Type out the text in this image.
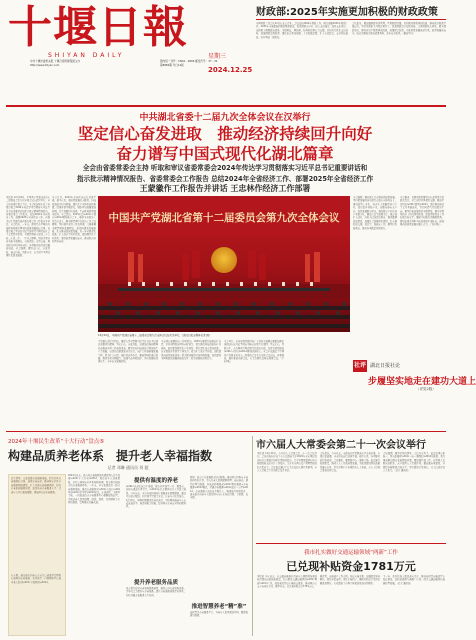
十堰日報
SHIYAN DAILY
中共十堰市委机关报 十堰日报传媒集团主办
http://www.10yan.com
国内统一刊号：CN42－0066 邮发代号：37－32
第8884期 今日12版
2024.12.25
星期三
财政部:2025年实施更加积极的财政政策
全国财政工作会议12月在北京召开，会议总结2024年财政工作，研究部署2025年财政工作。2025年实施更加积极的财政政策，提高财政赤字率，加大支出强度、加快支出进度。安排更大规模政府债券，为稳增长、调结构、防风险提供有力支撑。持续用力优化支出结构，加强财政资源统筹，强化重点领域保障，大力提振消费、扩大有效投资，支持科技创新，兜牢基层三保底线。
会议指出，要加强财政科学管理，严肃财经纪律，持续推进财税体制改革，推动地方财政平稳运行。坚持党政机关习惯过紧日子，提高财政资金使用效益。完善财政收入体系，健全预算制度，推进省以下财政体制改革，加强财会监督，为高质量发展贡献力量。统筹发展和安全，防范化解地方政府债务风险，兜牢安全底线。（据新华社）
中共湖北省委十二届九次全体会议在汉举行
坚定信心奋发进取　推动经济持续回升向好
奋力谱写中国式现代化湖北篇章
全会由省委常委会主持 听取和审议省委常委会2024年传达学习贯彻落实习近平总书记重要讲话和
指示批示精神情况报告、省委常委会工作报告 总结2024年全省经济工作、部署2025年全省经济工作
王蒙徽作工作报告并讲话 王忠林作经济工作部署
本报讯 12月24日，中国共产党湖北省第十二届委员会第九次全体会议在武汉举行。全会由省委常委会主持。全会听取和审议了省委常委会2024年传达学习贯彻落实习近平总书记重要讲话和指示批示精神情况报告、省委常委会工作报告，总结2024年全省经济工作，部署2025年全省经济工作。省委书记王蒙徽代表省委常委会作工作报告并讲话。全会指出，一年来，面对复杂严峻的外部环境和艰巨繁重的改革发展稳定任务，省委常委会坚持以习近平新时代中国特色社会主义思想为指导，全面贯彻落实党的二十大和二十届二中、三中全会精神，团结带领全省各族干部群众，奋发进取、攻坚克难，推动经济持续回升向好，各项事业取得新进展新成效。全会强调，要坚定信心、奋发进取，锚定目标、真抓实干，奋力谱写中国式现代化湖北篇章。
全会认为，2024年全省经济运行总体平稳、稳中有进，高质量发展扎实推进。科技创新能力持续增强，现代化产业体系加快构建，改革开放不断深化，城乡区域发展更加协调，民生保障持续改善，生态环境质量稳步提升。全会提出，2025年是\u201c十四五\u201d规划收官之年，做好全省经济工作意义重大。要全面贯彻中央经济工作会议精神，坚持稳中求进工作总基调，完整准确全面贯彻新发展理念，加快构建新发展格局，扎实推动高质量发展，进一步全面深化改革，扩大高水平对外开放，建设现代化产业体系，更好统筹发展和安全，推动经济持续回升向好。
中国共产党湖北省第十二届委员会第九次全体会议
12月24日，中国共产党湖北省第十二届委员会第九次全体会议在武汉举行。（湖北日报全媒体记者 摄）
王蒙徽在讲话中指出，要深入学习贯彻习近平总书记考察湖北重要讲话精神，坚定信心、奋发进取，以更加昂扬的精神状态推动各项工作落地见效。要坚持以科技创新引领新质生产力发展，以深化改革激发动力活力，以扩大开放拓展发展空间，着力扩大内需，稳住经济基本盘。要统筹城乡融合发展，推进乡村全面振兴，加强生态环境保护，切实保障和改善民生，守牢安全发展底线。
王忠林在部署经济工作时指出，2025年要着力稳增长扩内需，持续巩固经济回升向好势头；着力推进科技创新和产业创新，加快建设现代化产业体系；着力深化重点领域改革，充分激发各类经营主体活力；着力扩大高水平开放，加快建设内陆开放新高地；着力推动城乡区域协调发展，加快建设全国构建新发展格局先行区；着力保障和改善民生。
全会号召，全省各级党组织和广大党员干部群众要更加紧密地团结在以习近平同志为核心的党中央周围，坚定信心、真抓实干，奋力推进中国式现代化湖北实践，以优异成绩迎接\u201c十四五\u201d规划圆满收官。全会审议通过了中国共产党湖北省第十二届委员会第九次全体会议决议。省委委员、候补委员出席会议，有关方面负责同志列席会议。（下转2版）
全会强调，要以更大力度推动高质量发展。坚持把发展经济的着力点放在实体经济上，推进新型工业化，培育壮大战略性新兴产业，改造提升传统产业，前瞻布局未来产业。加快发展数字经济，推进数字产业化和产业数字化。要加大民生保障力度，稳定和扩大就业，办好人民满意的教育，推进健康湖北建设，加强社会保障体系建设，扎实做好保交楼、保民生、保稳定工作。要坚持系统观念，推动各项政策协同发力。
全会要求，各级党组织要切实扛起管党治党政治责任，持之以恒正风肃纪反腐，驰而不息纠治\u201c四风\u201d，深化整治形式主义为基层减负，营造风清气正的政治生态。要坚持和加强党的全面领导，健全党领导经济工作的体制机制，提高领导经济工作的能力和水平。要树立和践行正确政绩观，建设忠诚干净担当的高素质干部队伍，形成推动高质量发展的强大合力。（下转2版）
社评 湖北日报社论
步履坚实地走在建功大道上
（详见2版）
2024年十堰民生改革“十大行动”盘点⑤
构建品质养老体系　提升老人幸福指数
记者 邓琳 通讯员 刘 超
民生清单：完成新建养老服务设施，打造社区养老服务综合体，新增养老床位。推动居家社区养老服务网络建设，扩大普惠养老服务供给，提升养老机构服务质量，加快培育养老服务人才，让老年人享有更加便捷、更加舒心的养老服务。
在十堰，越来越多的老人在家门口就能享受到贴心周到的养老服务，社区食堂、日间照料中心成为老人们的\u201c幸福驿站\u201d。
2024年以来，我市将养老服务体系建设列入民生改革\u201c十大行动\u201d，聚焦老年人急难愁盼，持续完善居家社区机构相协调、医养康养相结合的养老服务体系。一年来，全市新建改造一批养老服务设施，推动养老服务从\u201c有没有\u201d向\u201c好不好\u201d转变。在张湾区、茅箭区等地，一批街道综合养老服务中心相继建成运营，为周边老人提供助餐、助浴、助医、日间照料等多样化服务，受到群众普遍欢迎。
提供有温度的养老
\u201c以前吃饭是个难题，现在社区食堂一日三餐都有，价格实惠还干净卫生。\u201d家住茅箭区的王大爷高兴地说。今年以来，全市各地因地制宜发展老年助餐服务，通过中央厨房配送、社区食堂堂食等方式，让老年人吃得放心、吃得舒心。同时积极推进适老化改造，为特殊困难老年人家庭安装扶手、防滑地板等设施，提升居家养老安全性和便利性。
提升养老服务品质
我市着力提升养老机构服务质量，推进公办养老机构改革，引导社会力量参与养老服务，建立养老服务质量评价体系，持续开展养老服务人才培训。
同时，我市大力发展医养结合服务，推动医疗机构与养老机构签约合作，为入住老人提供健康管理、疾病诊治、康复护理等服务。各地还积极探索\u201c物业服务+养老服务\u201d模式，打通养老服务\u201c最后一公里\u201d。养老服务人员队伍不断壮大，服务能力明显提升，越来越多的老年人感受到实实在在的获得感、幸福感、安全感。
推进智慧养老“精”准”
依托智慧养老服务平台，为老年人提供紧急呼叫、健康监测等服务。
市六届人大常委会第二十一次会议举行
本报讯 12月24日，市六届人大常委会第二十一次会议举行。会议听取和审议了市人民政府关于2024年全市国民经济和社会发展计划执行情况的报告，关于本级预算执行和其他财政收支的审计工作报告，关于全市国有资产管理情况的综合报告等。会议表决通过了有关决议和人事任免事项。市人大常委会主任出席会议并讲话。
会议指出，今年以来，市政府认真贯彻落实中央和省委、市委决策部署，全市经济运行总体平稳、稳中有进，各项事业取得新成效。会议要求，要围绕中心、服务大局，依法履行监督职责，推动人大工作高质量发展，为加快建设绿色低碳发展示范区、打造世界汽车名城作出人大贡献。市人大常委会委员出席会议。
会议强调，要坚持党的领导、人民当家作主、依法治国有机统一，切实加强对\u201c一府一委两院\u201d的监督，着力推动解决群众急难愁盼问题。要加强代表工作，密切同人民群众的联系，充分发挥人大代表作用。要加强自身建设，全面提升履职能力和水平，努力建设让党放心、让人民满意的人大机关。（记者 通讯员）
我市扎实做好交通运输领域“两新”工作
已兑现补贴资金1781万元
本报讯 今年以来，市交通运输局认真落实大规模设备更新和消费品以旧换新政策，扎实推进交通运输领域\u201c两新\u201d工作，加快老旧营运车辆淘汰更新，推动城市公交车电动化替代。截至目前，已兑现补贴资金1781万元。
据介绍，该局成立工作专班，制定实施方案，加强政策宣传解读，简化申报流程，优化审核程序，确保补贴资金及时足额发放到位，有效激发了市场主体更新设备的积极性。
下一步，将持续加大政策落实力度，推动老旧营运柴油货车淘汰更新，加快新能源车辆推广应用，助力交通运输绿色低碳转型发展。（记者 通讯员）
